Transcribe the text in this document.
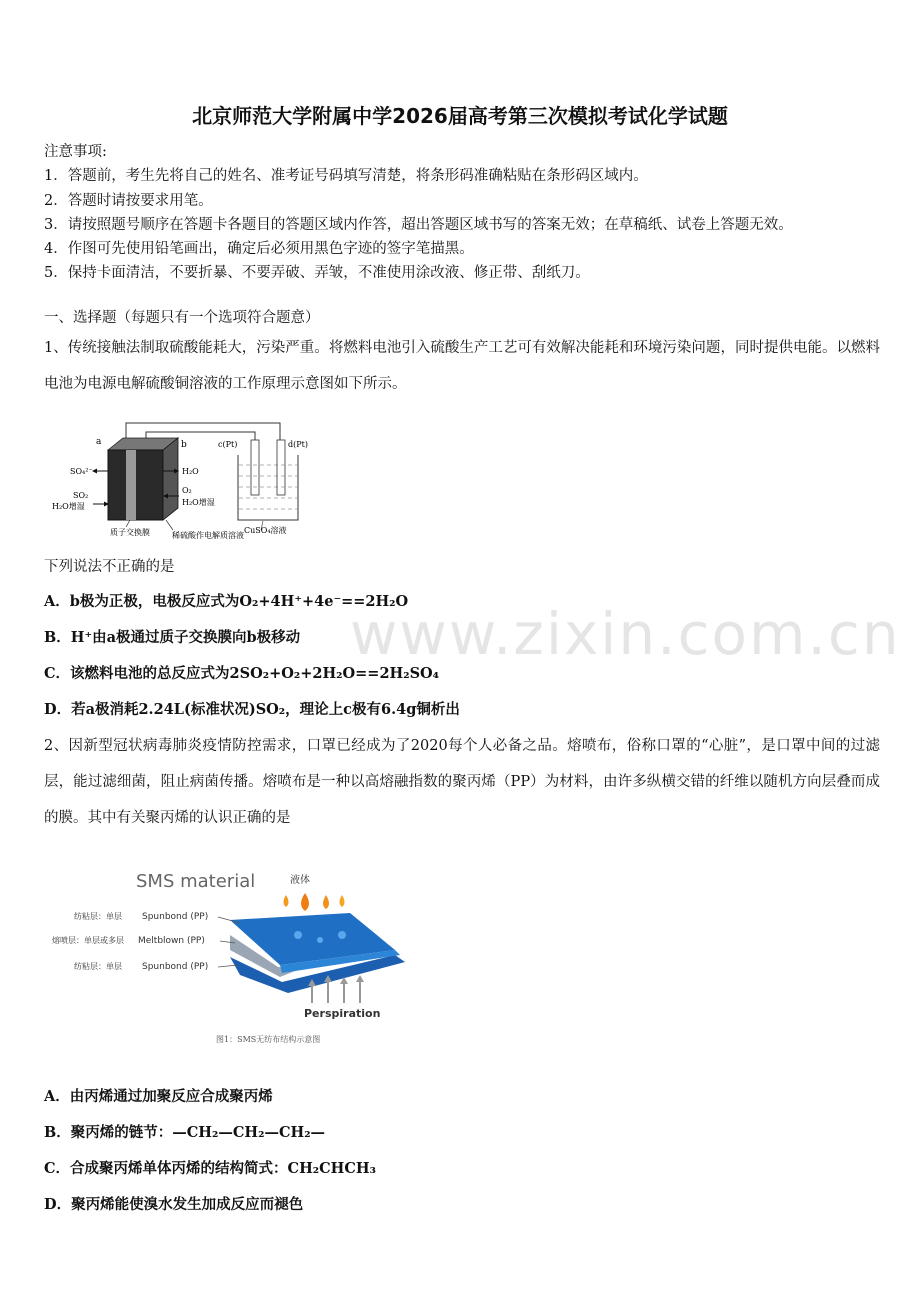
北京师范大学附属中学2026届高考第三次模拟考试化学试题
注意事项:
1．答题前，考生先将自己的姓名、准考证号码填写清楚，将条形码准确粘贴在条形码区域内。
2．答题时请按要求用笔。
3．请按照题号顺序在答题卡各题目的答题区域内作答，超出答题区域书写的答案无效；在草稿纸、试卷上答题无效。
4．作图可先使用铅笔画出，确定后必须用黑色字迹的签字笔描黑。
5．保持卡面清洁，不要折暴、不要弄破、弄皱，不准使用涂改液、修正带、刮纸刀。
一、选择题（每题只有一个选项符合题意）
1、传统接触法制取硫酸能耗大，污染严重。将燃料电池引入硫酸生产工艺可有效解决能耗和环境污染问题，同时提供电能。以燃料电池为电源电解硫酸铜溶液的工作原理示意图如下所示。
a	b	c(Pt)	d(Pt)
SO₄²⁻	H₂O
SO₂
H₂O增湿
O₂
H₂O增湿
质子交换膜	稀硫酸作电解质溶液
CuSO₄溶液
下列说法不正确的是
A．b极为正极，电极反应式为O₂+4H⁺+4e⁻==2H₂O
B．H⁺由a极通过质子交换膜向b极移动
C．该燃料电池的总反应式为2SO₂+O₂+2H₂O==2H₂SO₄
D．若a极消耗2.24L(标准状况)SO₂，理论上c极有6.4g铜析出
2、因新型冠状病毒肺炎疫情防控需求，口罩已经成为了2020每个人必备之品。熔喷布，俗称口罩的“心脏”，是口罩中间的过滤层，能过滤细菌，阻止病菌传播。熔喷布是一种以高熔融指数的聚丙烯（PP）为材料，由许多纵横交错的纤维以随机方向层叠而成的膜。其中有关聚丙烯的认识正确的是
SMS material	液体
纺粘层：单层 Spunbond (PP)
熔喷层：单层或多层 Meltblown (PP)
纺粘层：单层 Spunbond (PP)
Perspiration
图1：SMS无纺布结构示意图
A．由丙烯通过加聚反应合成聚丙烯
B．聚丙烯的链节：—CH₂—CH₂—CH₂—
C．合成聚丙烯单体丙烯的结构简式：CH₂CHCH₃
D．聚丙烯能使溴水发生加成反应而褪色
www.zixin.com.cn
